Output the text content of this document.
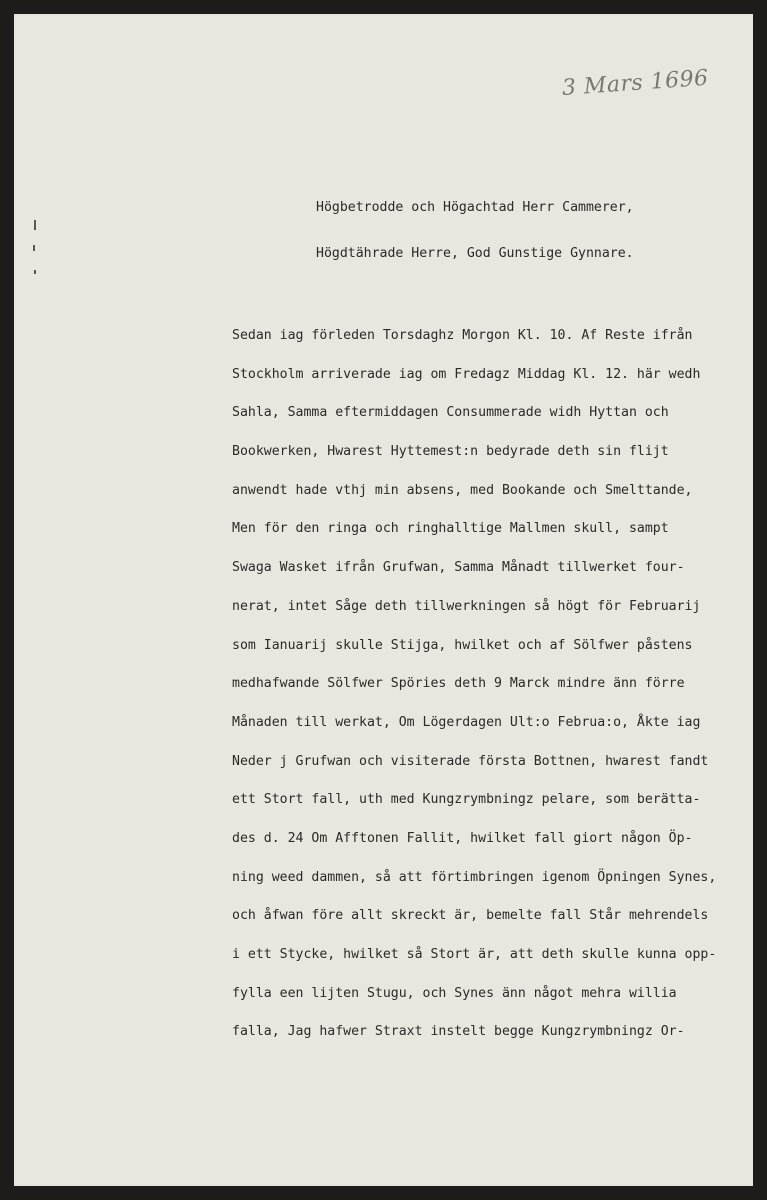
3 Mars 1696
Högbetrodde och Högachtad Herr Cammerer,
Högdtährade Herre, God Gunstige Gynnare.
Sedan iag förleden Torsdaghz Morgon Kl. 10. Af Reste ifrån
Stockholm arriverade iag om Fredagz Middag Kl. 12. här wedh
Sahla, Samma eftermiddagen Consummerade widh Hyttan och
Bookwerken, Hwarest Hyttemest:n bedyrade deth sin flijt
anwendt hade vthj min absens, med Bookande och Smelttande,
Men för den ringa och ringhalltige Mallmen skull, sampt
Swaga Wasket ifrån Grufwan, Samma Månadt tillwerket four-
nerat, intet Såge deth tillwerkningen så högt för Februarij
som Ianuarij skulle Stijga, hwilket och af Sölfwer påstens
medhafwande Sölfwer Spöries deth 9 Marck mindre änn förre
Månaden till werkat, Om Lögerdagen Ult:o Februa:o, Åkte iag
Neder j Grufwan och visiterade första Bottnen, hwarest fandt
ett Stort fall, uth med Kungzrymbningz pelare, som berätta-
des d. 24 Om Afftonen Fallit, hwilket fall giort någon Öp-
ning weed dammen, så att förtimbringen igenom Öpningen Synes,
och åfwan före allt skreckt är, bemelte fall Står mehrendels
i ett Stycke, hwilket så Stort är, att deth skulle kunna opp-
fylla een lijten Stugu, och Synes änn något mehra willia
falla, Jag hafwer Straxt instelt begge Kungzrymbningz Or-
